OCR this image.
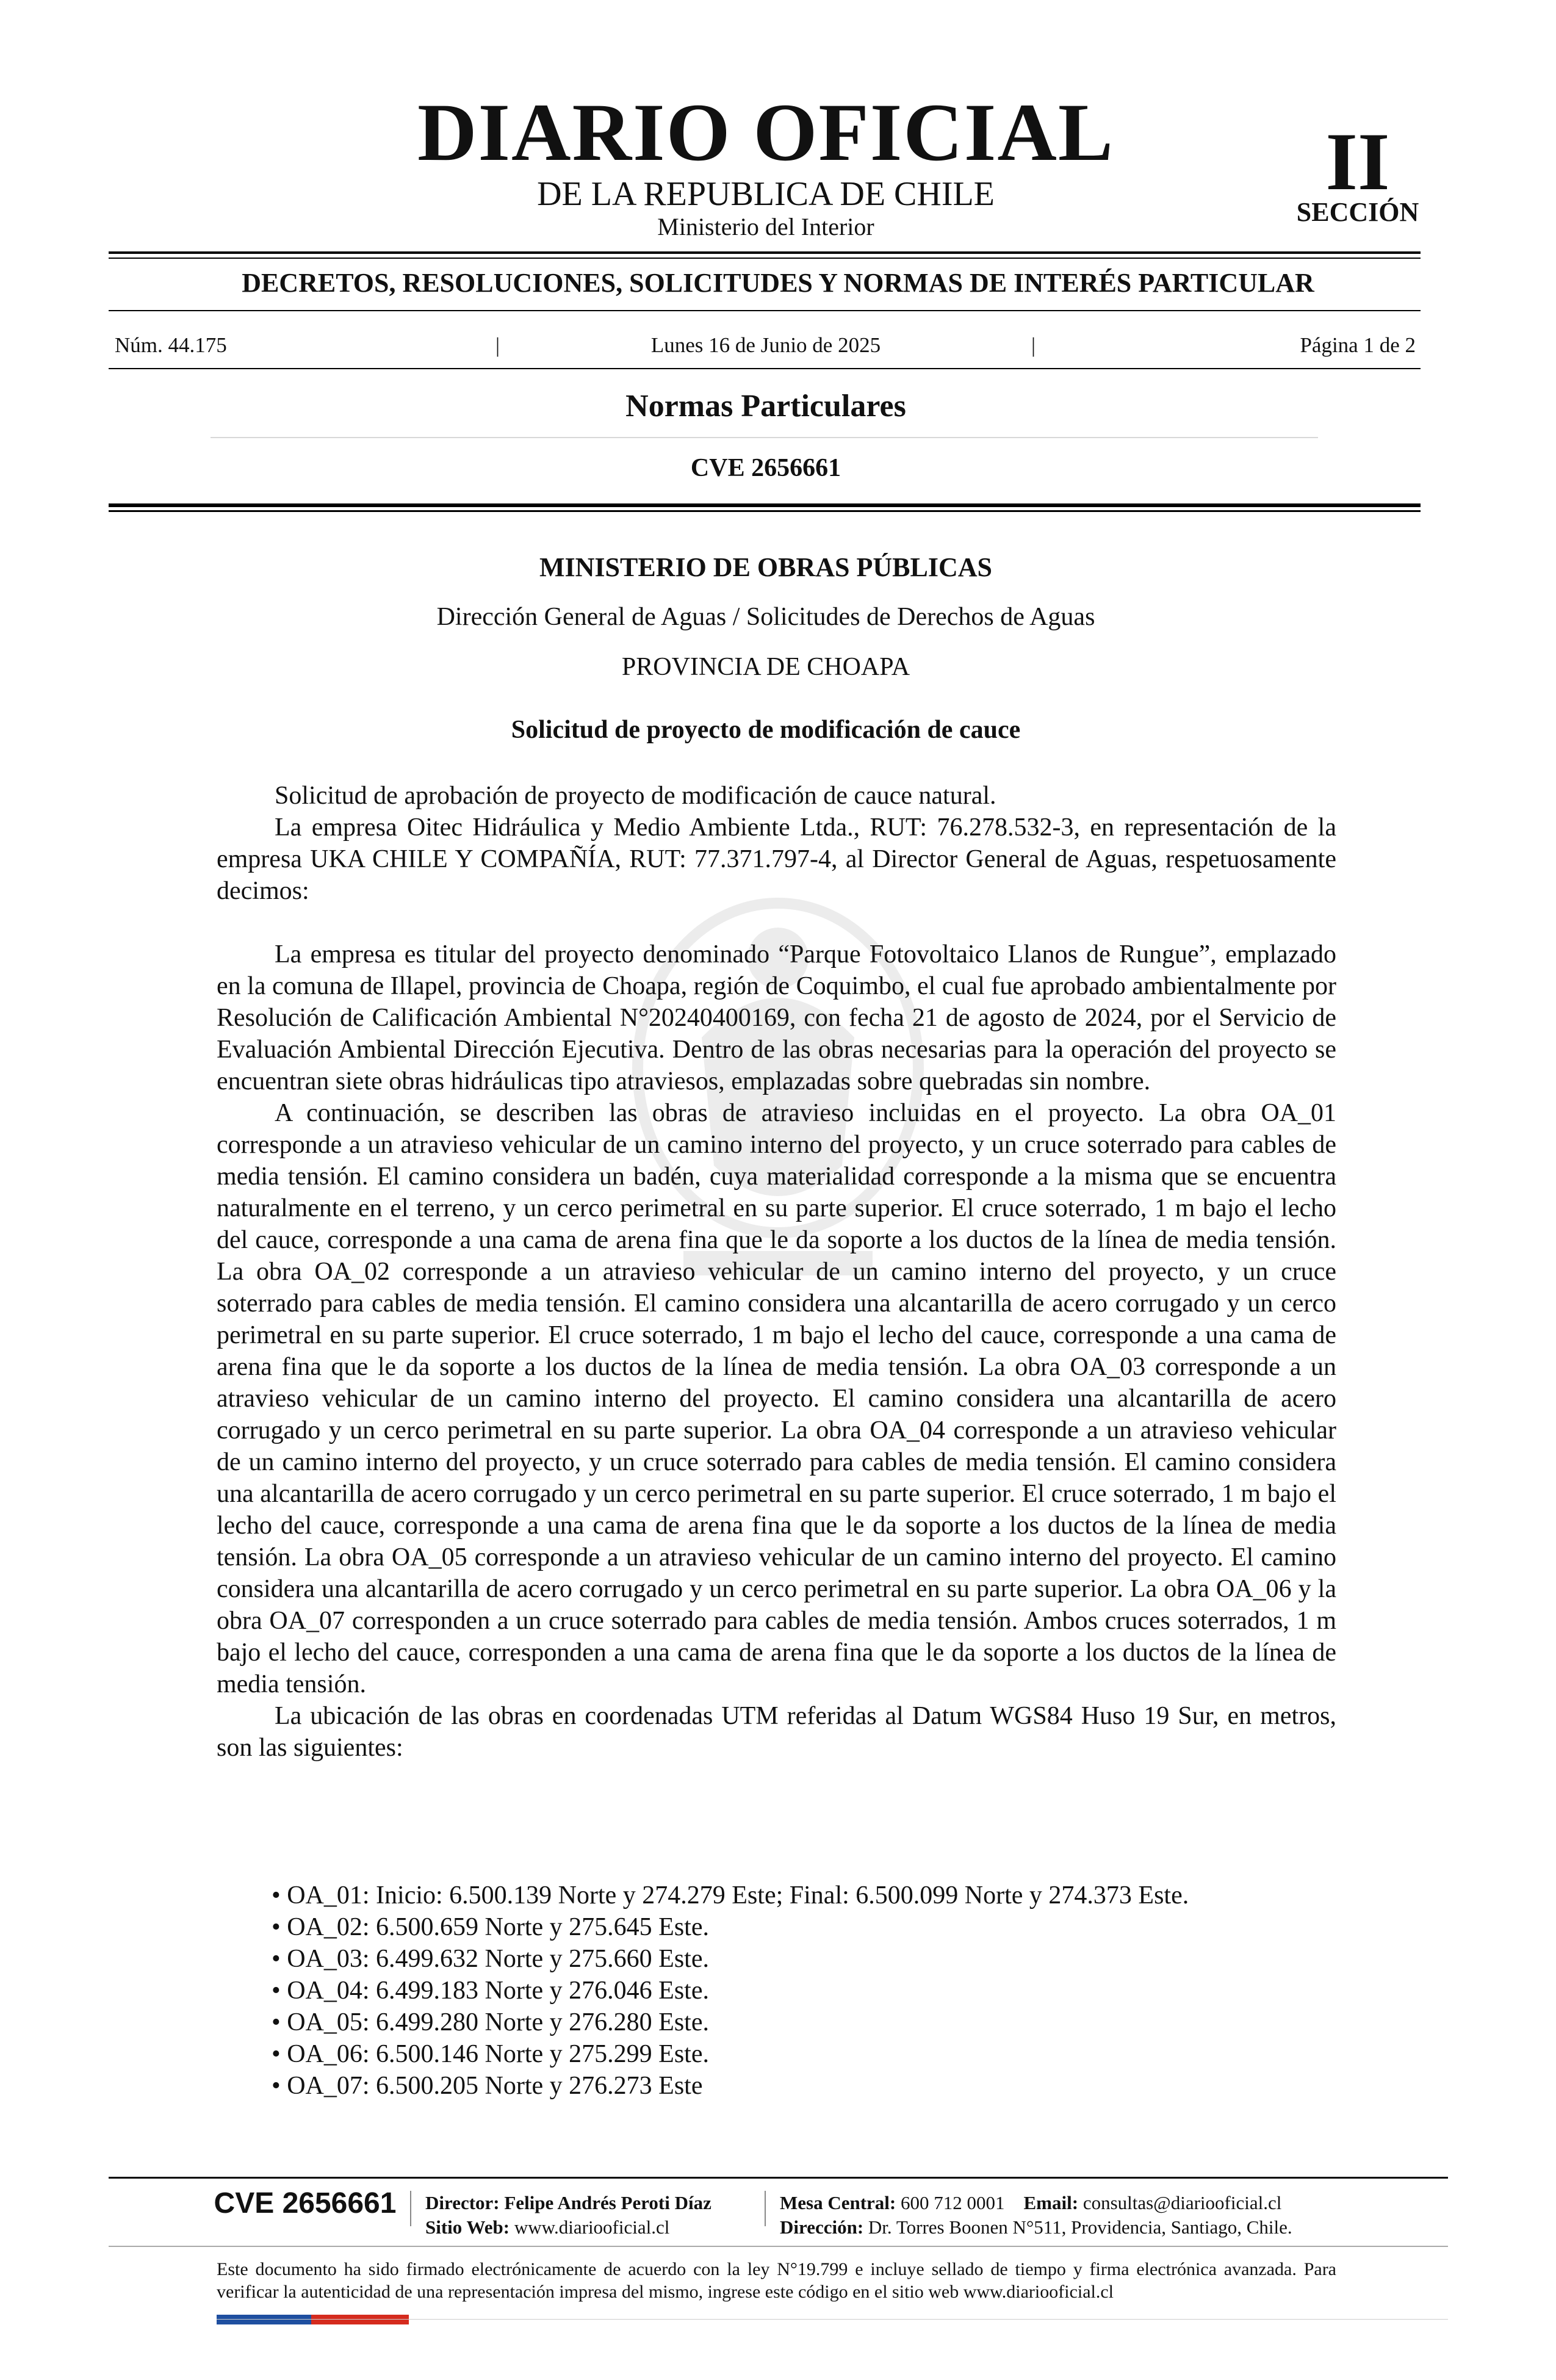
DIARIO OFICIAL
DE LA REPUBLICA DE CHILE
Ministerio del Interior
II
SECCIÓN
DECRETOS, RESOLUCIONES, SOLICITUDES Y NORMAS DE INTERÉS PARTICULAR
Núm. 44.175	|	Lunes 16 de Junio de 2025	|	Página 1 de 2
Normas Particulares
CVE 2656661
MINISTERIO DE OBRAS PÚBLICAS
Dirección General de Aguas / Solicitudes de Derechos de Aguas
PROVINCIA DE CHOAPA
Solicitud de proyecto de modificación de cauce

Solicitud de aprobación de proyecto de modificación de cauce natural.

La empresa Oitec Hidráulica y Medio Ambiente Ltda., RUT: 76.278.532-3, en representación de la empresa UKA CHILE Y COMPAÑÍA, RUT: 77.371.797-4, al Director General de Aguas, respetuosamente decimos:

La empresa es titular del proyecto denominado “Parque Fotovoltaico Llanos de Rungue”, emplazado en la comuna de Illapel, provincia de Choapa, región de Coquimbo, el cual fue aprobado ambientalmente por Resolución de Calificación Ambiental N°20240400169, con fecha 21 de agosto de 2024, por el Servicio de Evaluación Ambiental Dirección Ejecutiva. Dentro de las obras necesarias para la operación del proyecto se encuentran siete obras hidráulicas tipo atraviesos, emplazadas sobre quebradas sin nombre.

A continuación, se describen las obras de atravieso incluidas en el proyecto. La obra OA_01 corresponde a un atravieso vehicular de un camino interno del proyecto, y un cruce soterrado para cables de media tensión. El camino considera un badén, cuya materialidad corresponde a la misma que se encuentra naturalmente en el terreno, y un cerco perimetral en su parte superior. El cruce soterrado, 1 m bajo el lecho del cauce, corresponde a una cama de arena fina que le da soporte a los ductos de la línea de media tensión. La obra OA_02 corresponde a un atravieso vehicular de un camino interno del proyecto, y un cruce soterrado para cables de media tensión. El camino considera una alcantarilla de acero corrugado y un cerco perimetral en su parte superior. El cruce soterrado, 1 m bajo el lecho del cauce, corresponde a una cama de arena fina que le da soporte a los ductos de la línea de media tensión. La obra OA_03 corresponde a un atravieso vehicular de un camino interno del proyecto. El camino considera una alcantarilla de acero corrugado y un cerco perimetral en su parte superior. La obra OA_04 corresponde a un atravieso vehicular de un camino interno del proyecto, y un cruce soterrado para cables de media tensión. El camino considera una alcantarilla de acero corrugado y un cerco perimetral en su parte superior. El cruce soterrado, 1 m bajo el lecho del cauce, corresponde a una cama de arena fina que le da soporte a los ductos de la línea de media tensión. La obra OA_05 corresponde a un atravieso vehicular de un camino interno del proyecto. El camino considera una alcantarilla de acero corrugado y un cerco perimetral en su parte superior. La obra OA_06 y la obra OA_07 corresponden a un cruce soterrado para cables de media tensión. Ambos cruces soterrados, 1 m bajo el lecho del cauce, corresponden a una cama de arena fina que le da soporte a los ductos de la línea de media tensión.

La ubicación de las obras en coordenadas UTM referidas al Datum WGS84 Huso 19 Sur, en metros, son las siguientes:

• OA_01: Inicio: 6.500.139 Norte y 274.279 Este; Final: 6.500.099 Norte y 274.373 Este.
• OA_02: 6.500.659 Norte y 275.645 Este.
• OA_03: 6.499.632 Norte y 275.660 Este.
• OA_04: 6.499.183 Norte y 276.046 Este.
• OA_05: 6.499.280 Norte y 276.280 Este.
• OA_06: 6.500.146 Norte y 275.299 Este.
• OA_07: 6.500.205 Norte y 276.273 Este
CVE 2656661	Director: Felipe Andrés Peroti Díaz
Sitio Web: www.diariooficial.cl
Mesa Central: 600 712 0001 Email: consultas@diariooficial.cl
Dirección: Dr. Torres Boonen N°511, Providencia, Santiago, Chile.
Este documento ha sido firmado electrónicamente de acuerdo con la ley N°19.799 e incluye sellado de tiempo y firma electrónica avanzada. Para verificar la autenticidad de una representación impresa del mismo, ingrese este código en el sitio web www.diariooficial.cl
